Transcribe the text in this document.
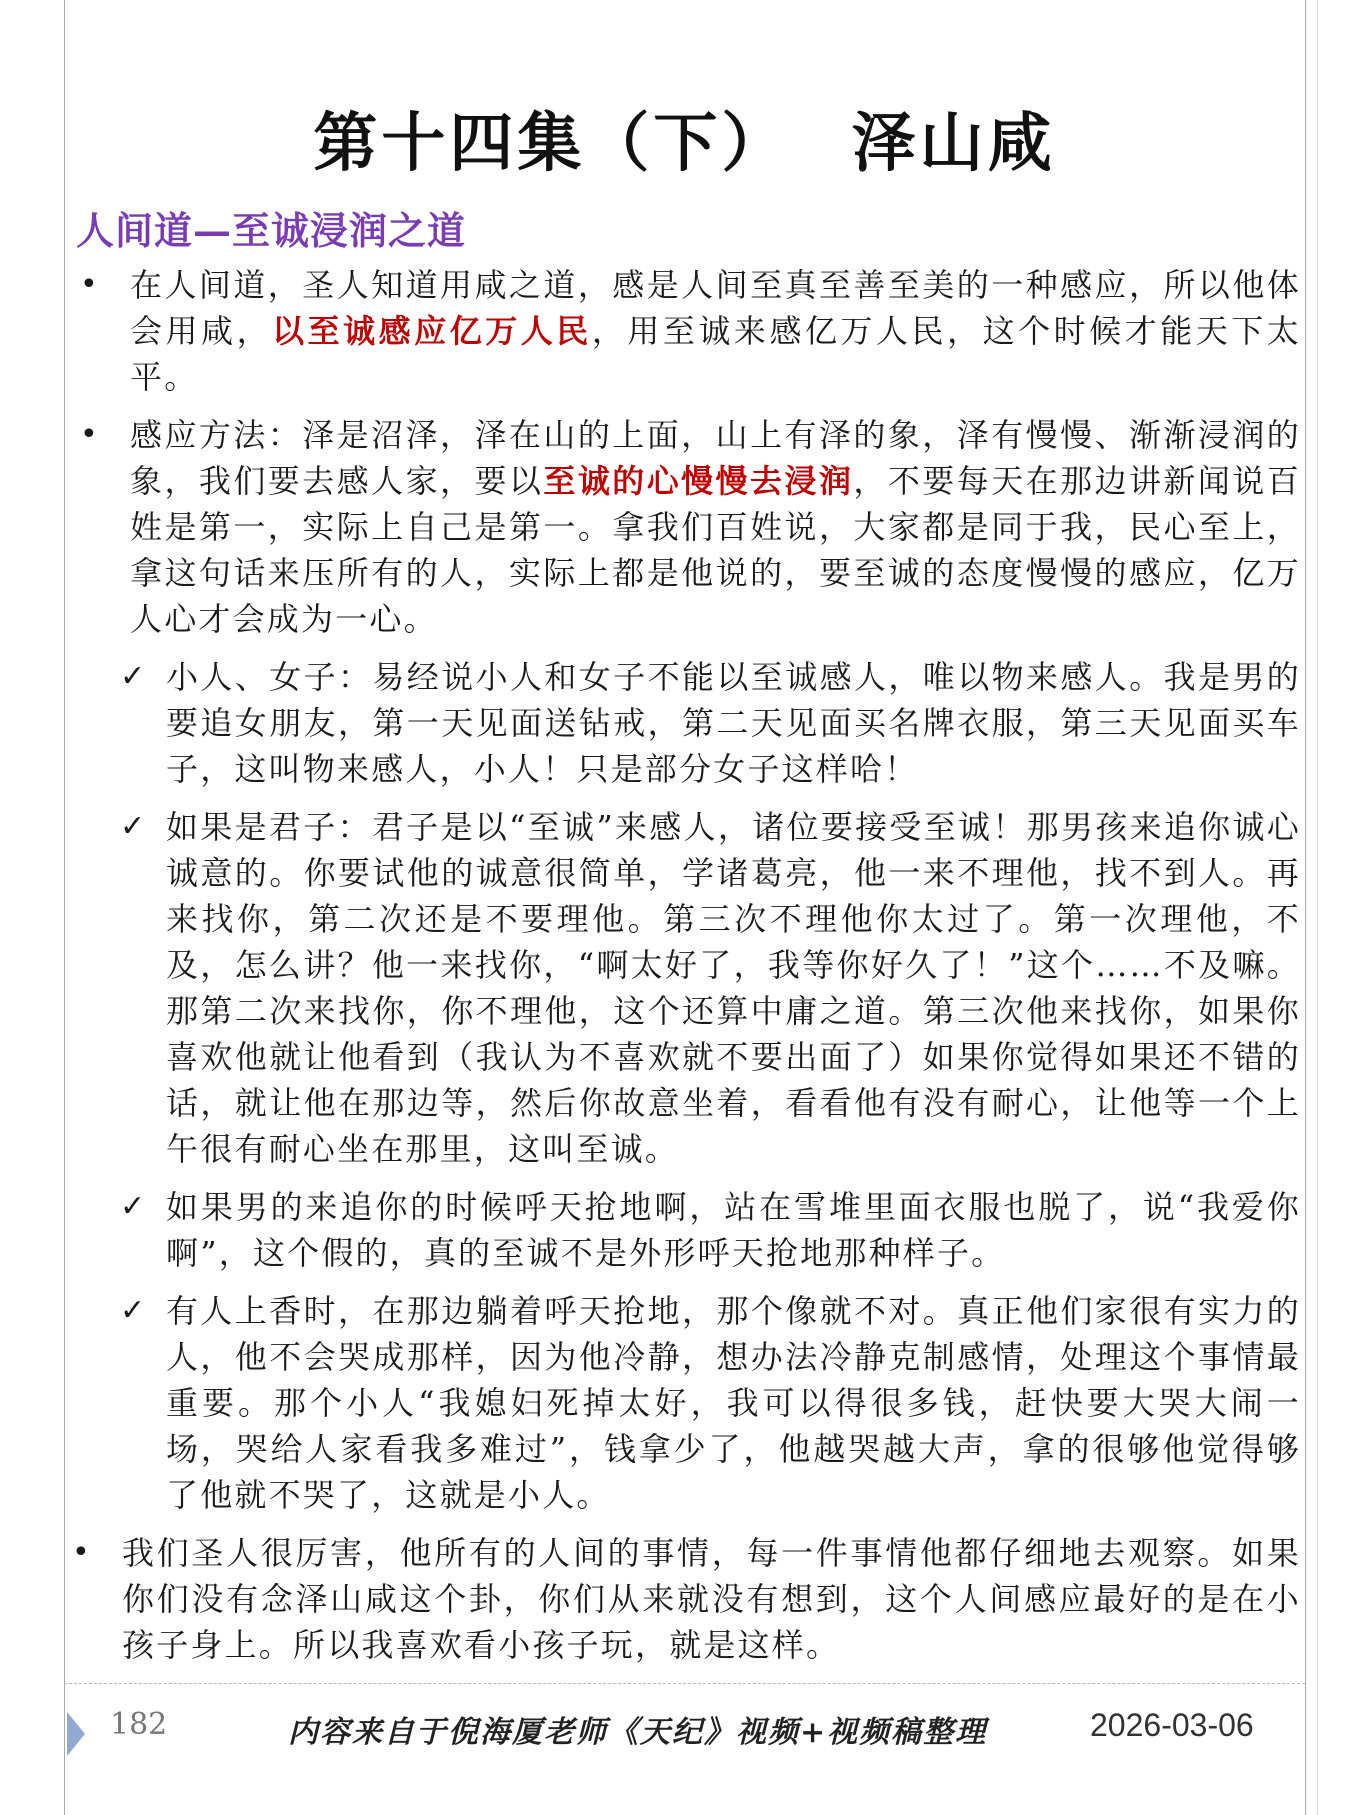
第十四集（下）　 泽山咸
人间道—至诚浸润之道
• 在人间道，圣人知道用咸之道，感是人间至真至善至美的一种感应，所以他体会用咸，以至诚感应亿万人民，用至诚来感亿万人民，这个时候才能天下太平。
• 感应方法：泽是沼泽，泽在山的上面，山上有泽的象，泽有慢慢、渐渐浸润的象，我们要去感人家，要以至诚的心慢慢去浸润，不要每天在那边讲新闻说百姓是第一，实际上自己是第一。拿我们百姓说，大家都是同于我，民心至上，拿这句话来压所有的人，实际上都是他说的，要至诚的态度慢慢的感应，亿万人心才会成为一心。
✓ 小人、女子：易经说小人和女子不能以至诚感人，唯以物来感人。我是男的要追女朋友，第一天见面送钻戒，第二天见面买名牌衣服，第三天见面买车子，这叫物来感人，小人！只是部分女子这样哈！
✓ 如果是君子：君子是以“至诚”来感人，诸位要接受至诚！那男孩来追你诚心诚意的。你要试他的诚意很简单，学诸葛亮，他一来不理他，找不到人。再来找你，第二次还是不要理他。第三次不理他你太过了。第一次理他，不及，怎么讲？他一来找你，“啊太好了，我等你好久了！”这个……不及嘛。那第二次来找你，你不理他，这个还算中庸之道。第三次他来找你，如果你喜欢他就让他看到（我认为不喜欢就不要出面了）如果你觉得如果还不错的话，就让他在那边等，然后你故意坐着，看看他有没有耐心，让他等一个上午很有耐心坐在那里，这叫至诚。
✓ 如果男的来追你的时候呼天抢地啊，站在雪堆里面衣服也脱了，说“我爱你啊”，这个假的，真的至诚不是外形呼天抢地那种样子。
✓ 有人上香时，在那边躺着呼天抢地，那个像就不对。真正他们家很有实力的人，他不会哭成那样，因为他冷静，想办法冷静克制感情，处理这个事情最重要。那个小人“我媳妇死掉太好，我可以得很多钱，赶快要大哭大闹一场，哭给人家看我多难过”，钱拿少了，他越哭越大声，拿的很够他觉得够了他就不哭了，这就是小人。
• 我们圣人很厉害，他所有的人间的事情，每一件事情他都仔细地去观察。如果你们没有念泽山咸这个卦，你们从来就没有想到，这个人间感应最好的是在小孩子身上。所以我喜欢看小孩子玩，就是这样。
182	内容来自于倪海厦老师《天纪》视频+视频稿整理	2026-03-06
